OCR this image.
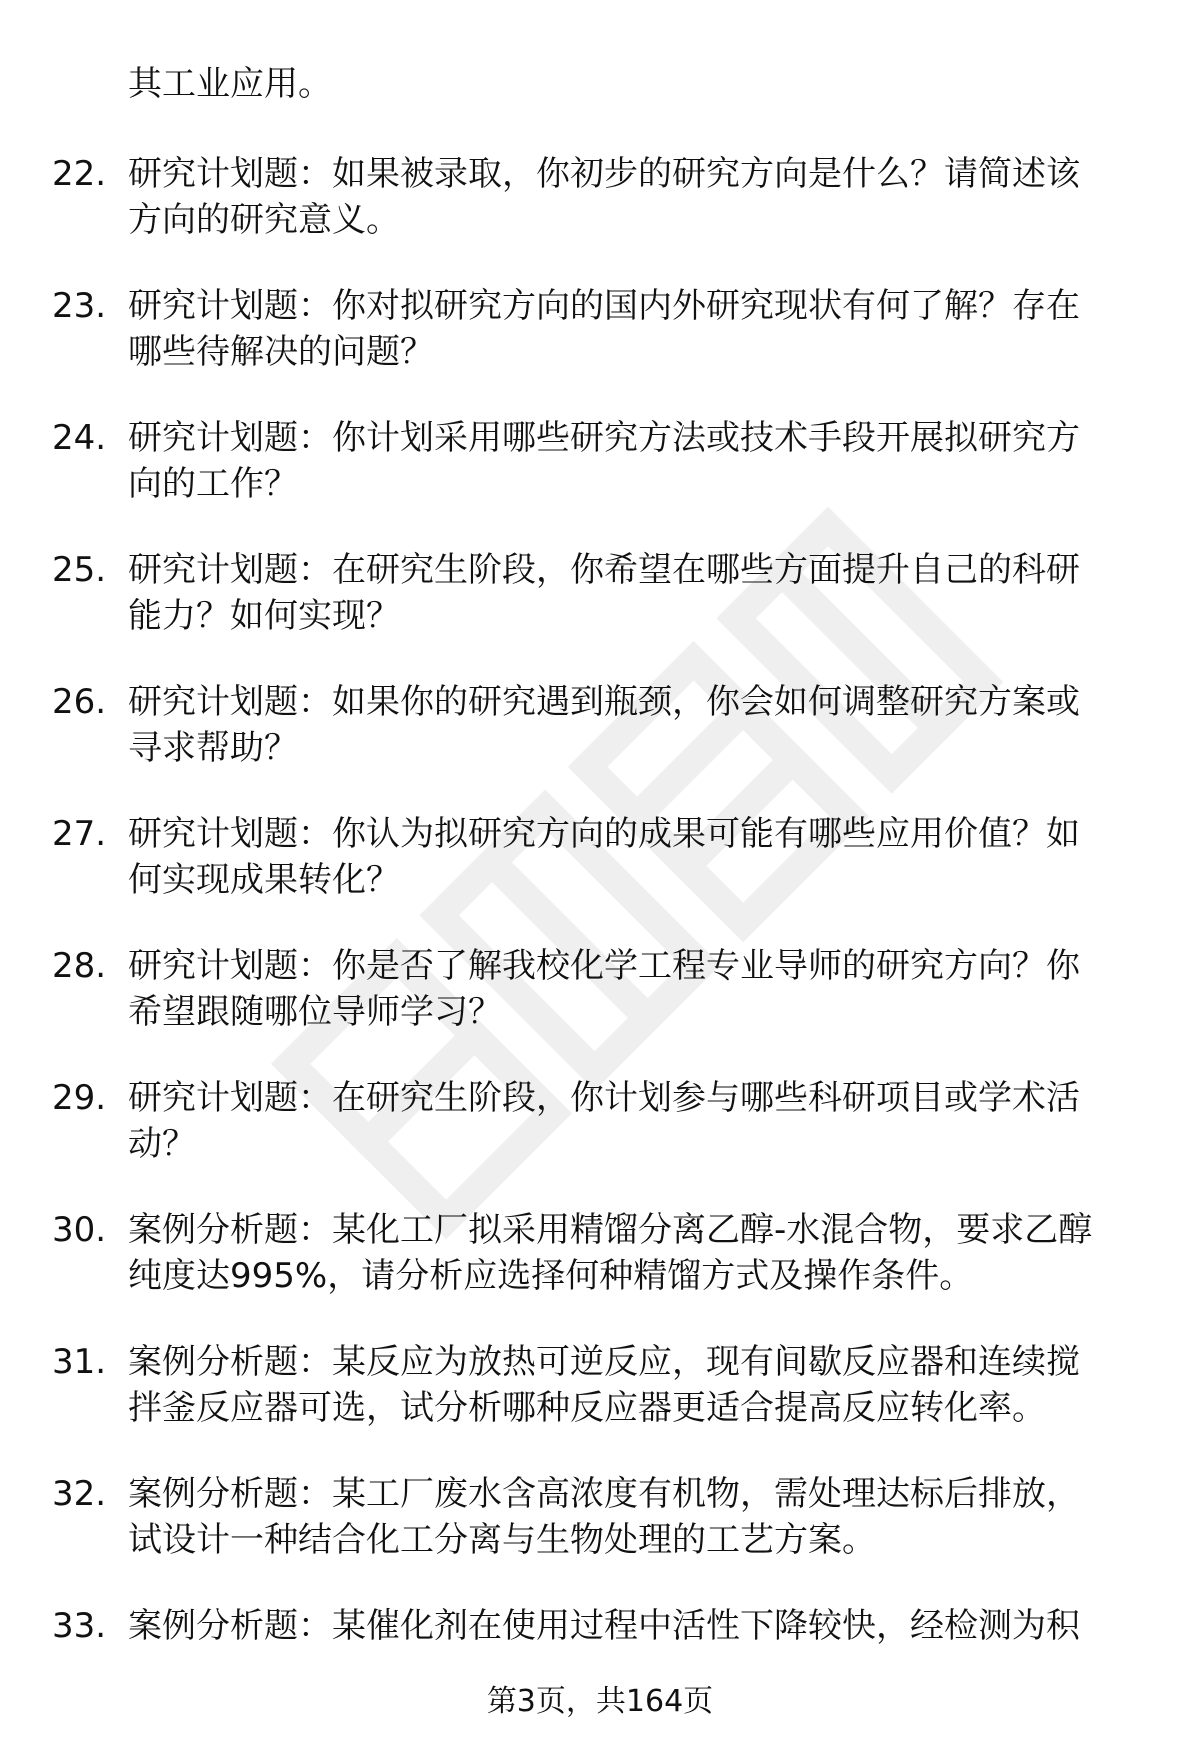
其工业应用。
22. 研究计划题：如果被录取，你初步的研究方向是什么？请简述该
方向的研究意义。
23. 研究计划题：你对拟研究方向的国内外研究现状有何了解？存在
哪些待解决的问题？
24. 研究计划题：你计划采用哪些研究方法或技术手段开展拟研究方
向的工作？
25. 研究计划题：在研究生阶段，你希望在哪些方面提升自己的科研
能力？如何实现？
26. 研究计划题：如果你的研究遇到瓶颈，你会如何调整研究方案或
寻求帮助？
27. 研究计划题：你认为拟研究方向的成果可能有哪些应用价值？如
何实现成果转化？
28. 研究计划题：你是否了解我校化学工程专业导师的研究方向？你
希望跟随哪位导师学习？
29. 研究计划题：在研究生阶段，你计划参与哪些科研项目或学术活
动？
30. 案例分析题：某化工厂拟采用精馏分离乙醇-水混合物，要求乙醇
纯度达995%，请分析应选择何种精馏方式及操作条件。
31. 案例分析题：某反应为放热可逆反应，现有间歇反应器和连续搅
拌釜反应器可选，试分析哪种反应器更适合提高反应转化率。
32. 案例分析题：某工厂废水含高浓度有机物，需处理达标后排放，
试设计一种结合化工分离与生物处理的工艺方案。
33. 案例分析题：某催化剂在使用过程中活性下降较快，经检测为积
第3页，共164页
